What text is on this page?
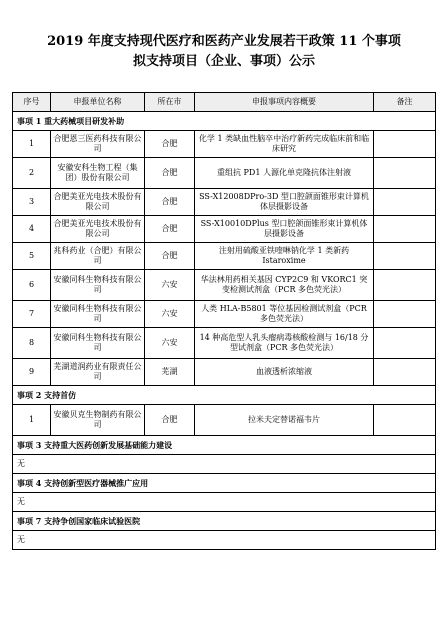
2019 年度支持现代医疗和医药产业发展若干政策 11 个事项
拟支持项目（企业、事项）公示
序号	申报单位名称	所在市	申报事项内容概要	备注
事项 1 重大药械项目研发补助				
1	合肥恩三医药科技有限公司	合肥	化学 1 类缺血性脑卒中治疗新药完成临床前和临床研究	
2	安徽安科生物工程（集团）股份有限公司	合肥	重组抗 PD1 人源化单克隆抗体注射液	
3	合肥美亚光电技术股份有限公司	合肥	SS-X12008DPro-3D 型口腔颌面锥形束计算机体层摄影设备	
4	合肥美亚光电技术股份有限公司	合肥	SS-X10010DPlus 型口腔颌面锥形束计算机体层摄影设备	
5	兆科药业（合肥）有限公司	合肥	注射用硫酸亚铁喹啉钠化学 1 类新药 Istaroxime	
6	安徽同科生物科技有限公司	六安	华法林用药相关基因 CYP2C9 和 VKORC1 突变检测试剂盒（PCR 多色荧光法）	
7	安徽同科生物科技有限公司	六安	人类 HLA-B5801 等位基因检测试剂盒（PCR 多色荧光法）	
8	安徽同科生物科技有限公司	六安	14 种高危型人乳头瘤病毒核酸检测与 16/18 分型试剂盒（PCR 多色荧光法）	
9	芜湖道润药业有限责任公司	芜湖	血液透析浓缩液	
事项 2 支持首仿				
1	安徽贝克生物制药有限公司	合肥	拉米夫定替诺福韦片	
事项 3 支持重大医药创新发展基础能力建设				
无				
事项 4 支持创新型医疗器械推广应用				
无				
事项 7 支持争创国家临床试验医院				
无				
